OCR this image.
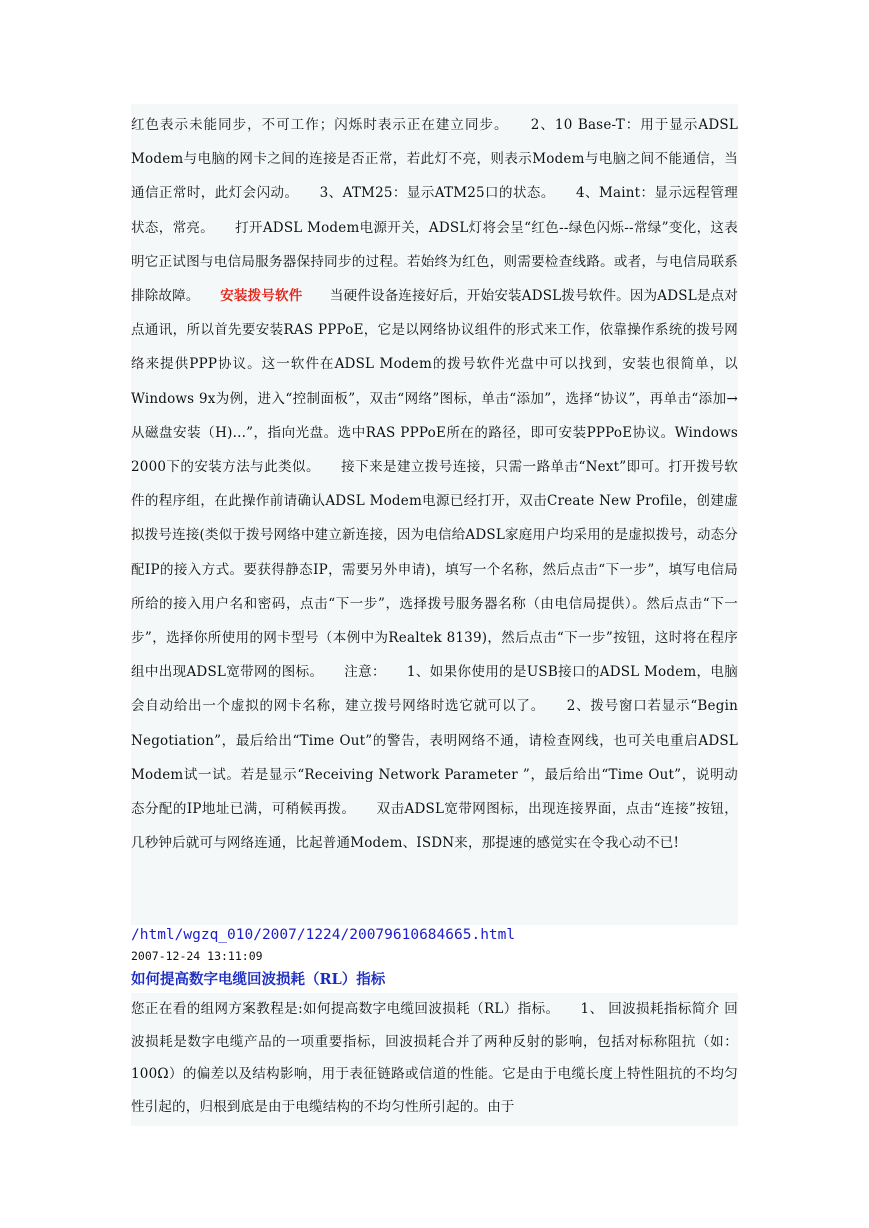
红色表示未能同步，不可工作；闪烁时表示正在建立同步。　　2、10 Base-T：用于显示ADSL Modem与电脑的网卡之间的连接是否正常，若此灯不亮，则表示Modem与电脑之间不能通信，当通信正常时，此灯会闪动。　　3、ATM25：显示ATM25口的状态。　　4、Maint：显示远程管理状态，常亮。　　打开ADSL Modem电源开关，ADSL灯将会呈“红色--绿色闪烁--常绿”变化，这表明它正试图与电信局服务器保持同步的过程。若始终为红色，则需要检查线路。或者，与电信局联系排除故障。　　安装拨号软件　　当硬件设备连接好后，开始安装ADSL拨号软件。因为ADSL是点对点通讯，所以首先要安装RAS PPPoE，它是以网络协议组件的形式来工作，依靠操作系统的拨号网络来提供PPP协议。这一软件在ADSL Modem的拨号软件光盘中可以找到，安装也很简单，以Windows 9x为例，进入“控制面板”，双击“网络”图标，单击“添加”，选择“协议”，再单击“添加→从磁盘安装（H)...”，指向光盘。选中RAS PPPoE所在的路径，即可安装PPPoE协议。Windows 2000下的安装方法与此类似。　　接下来是建立拨号连接，只需一路单击“Next”即可。打开拨号软件的程序组，在此操作前请确认ADSL Modem电源已经打开，双击Create New Profile，创建虚拟拨号连接(类似于拨号网络中建立新连接，因为电信给ADSL家庭用户均采用的是虚拟拨号，动态分配IP的接入方式。要获得静态IP，需要另外申请)，填写一个名称，然后点击“下一步”，填写电信局所给的接入用户名和密码，点击“下一步”，选择拨号服务器名称（由电信局提供）。然后点击“下一步”，选择你所使用的网卡型号（本例中为Realtek 8139)，然后点击“下一步”按钮，这时将在程序组中出现ADSL宽带网的图标。　　注意：　　1、如果你使用的是USB接口的ADSL Modem，电脑会自动给出一个虚拟的网卡名称，建立拨号网络时选它就可以了。　　2、拨号窗口若显示“Begin Negotiation”，最后给出“Time Out”的警告，表明网络不通，请检查网线，也可关电重启ADSL Modem试一试。若是显示“Receiving Network Parameter ”，最后给出“Time Out”，说明动态分配的IP地址已满，可稍候再拨。　　双击ADSL宽带网图标，出现连接界面，点击“连接”按钮，几秒钟后就可与网络连通，比起普通Modem、ISDN来，那提速的感觉实在令我心动不已!

/html/wgzq_010/2007/1224/20079610684665.html
2007-12-24 13:11:09
如何提高数字电缆回波损耗（RL）指标

您正在看的组网方案教程是:如何提高数字电缆回波损耗（RL）指标。　　1、 回波损耗指标简介 回波损耗是数字电缆产品的一项重要指标，回波损耗合并了两种反射的影响，包括对标称阻抗（如：100Ω）的偏差以及结构影响，用于表征链路或信道的性能。它是由于电缆长度上特性阻抗的不均匀性引起的，归根到底是由于电缆结构的不均匀性所引起的。由于
